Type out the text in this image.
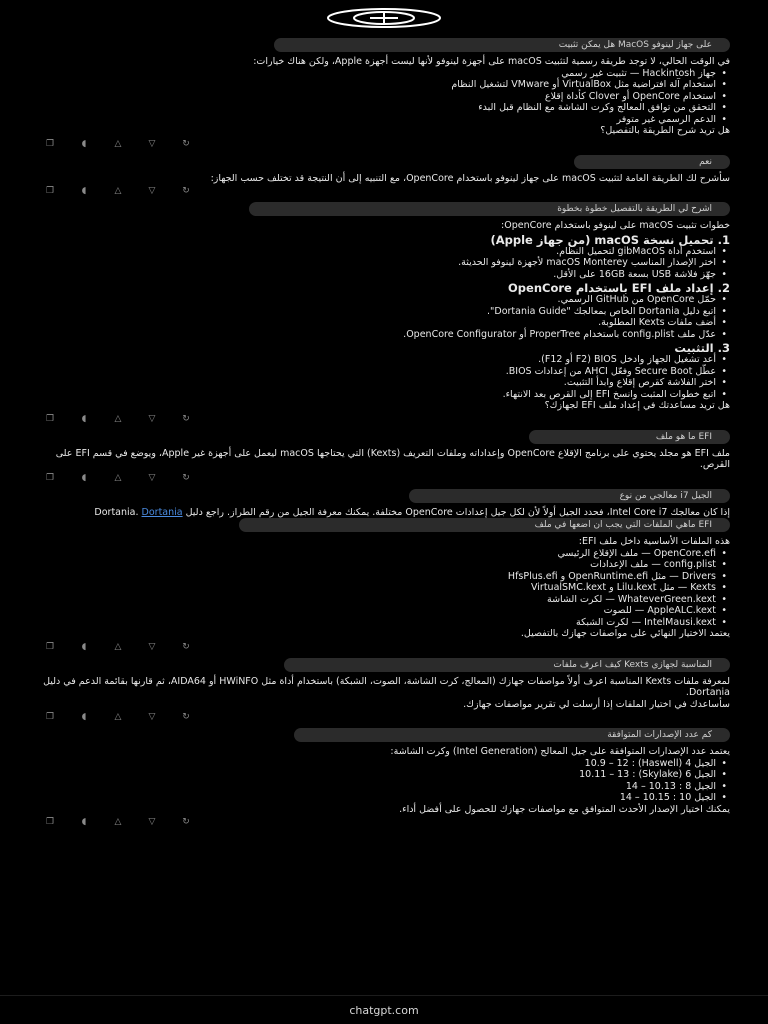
هل يمكن تثبيت MacOS على جهاز لينوفو

في الوقت الحالي، لا توجد طريقة رسمية لتثبيت macOS على أجهزة لينوفو لأنها ليست أجهزة Apple، ولكن هناك خيارات:

• جهاز Hackintosh — تثبيت غير رسمي
• استخدام آلة افتراضية مثل VirtualBox أو VMware لتشغيل النظام
• استخدام OpenCore أو Clover كأداة إقلاع
• التحقق من توافق المعالج وكرت الشاشة مع النظام قبل البدء
• الدعم الرسمي غير متوفر

هل تريد شرح الطريقة بالتفصيل؟

❐	◖	△	▽	↻
نعم

سأشرح لك الطريقة العامة لتثبيت macOS على جهاز لينوفو باستخدام OpenCore، مع التنبيه إلى أن النتيجة قد تختلف حسب الجهاز:

❐	◖	△	▽	↻
اشرح لي الطريقة بالتفصيل خطوة بخطوة

خطوات تثبيت macOS على لينوفو باستخدام OpenCore:

1. تحميل نسخة macOS (من جهاز Apple)
• استخدم أداة gibMacOS لتحميل النظام.
• اختر الإصدار المناسب macOS Monterey لأجهزة لينوفو الحديثة.
• جهّز فلاشة USB بسعة 16GB على الأقل.
2. إعداد ملف EFI باستخدام OpenCore
• حمّل OpenCore من GitHub الرسمي.
• اتبع دليل Dortania الخاص بمعالجك "Dortania Guide".
• أضف ملفات Kexts المطلوبة.
• عدّل ملف config.plist باستخدام ProperTree أو OpenCore Configurator.
3. التثبيت
• أعد تشغيل الجهاز وادخل BIOS (F2 أو F12).
• عطّل Secure Boot وفعّل AHCI من إعدادات BIOS.
• اختر الفلاشة كقرص إقلاع وابدأ التثبيت.
• اتبع خطوات المثبت وانسخ EFI إلى القرص بعد الانتهاء.

هل تريد مساعدتك في إعداد ملف EFI لجهازك؟

❐	◖	△	▽	↻
ما هو ملف EFI

ملف EFI هو مجلد يحتوي على برنامج الإقلاع OpenCore وإعداداته وملفات التعريف (Kexts) التي يحتاجها macOS ليعمل على أجهزة غير Apple، ويوضع في قسم EFI على القرص.

❐	◖	△	▽	↻
معالجي من نوع i7 الجيل

إذا كان معالجك Intel Core i7، فحدد الجيل أولاً لأن لكل جيل إعدادات OpenCore مختلفة. يمكنك معرفة الجيل من رقم الطراز. راجع دليل Dortania. Dortania

ماهي الملفات التي يجب ان اضعها في ملف EFI

هذه الملفات الأساسية داخل ملف EFI:

• OpenCore.efi — ملف الإقلاع الرئيسي
• config.plist — ملف الإعدادات
• Drivers — مثل OpenRuntime.efi و HfsPlus.efi
• Kexts — مثل Lilu.kext و VirtualSMC.kext
• WhateverGreen.kext — لكرت الشاشة
• AppleALC.kext — للصوت
• IntelMausi.kext — لكرت الشبكة

يعتمد الاختيار النهائي على مواصفات جهازك بالتفصيل.

❐	◖	△	▽	↻
كيف اعرف ملفات Kexts المناسبة لجهازي

لمعرفة ملفات Kexts المناسبة اعرف أولاً مواصفات جهازك (المعالج، كرت الشاشة، الصوت، الشبكة) باستخدام أداة مثل HWiNFO أو AIDA64، ثم قارنها بقائمة الدعم في دليل Dortania.

سأساعدك في اختيار الملفات إذا أرسلت لي تقرير مواصفات جهازك.

❐	◖	△	▽	↻
كم عدد الإصدارات المتوافقة

يعتمد عدد الإصدارات المتوافقة على جيل المعالج (Intel Generation) وكرت الشاشة:

• الجيل 4 (Haswell) : 10.9 – 12
• الجيل 6 (Skylake) : 10.11 – 13
• الجيل 8 : 10.13 – 14
• الجيل 10 : 10.15 – 14

يمكنك اختيار الإصدار الأحدث المتوافق مع مواصفات جهازك للحصول على أفضل أداء.

❐	◖	△	▽	↻
chatgpt.com
